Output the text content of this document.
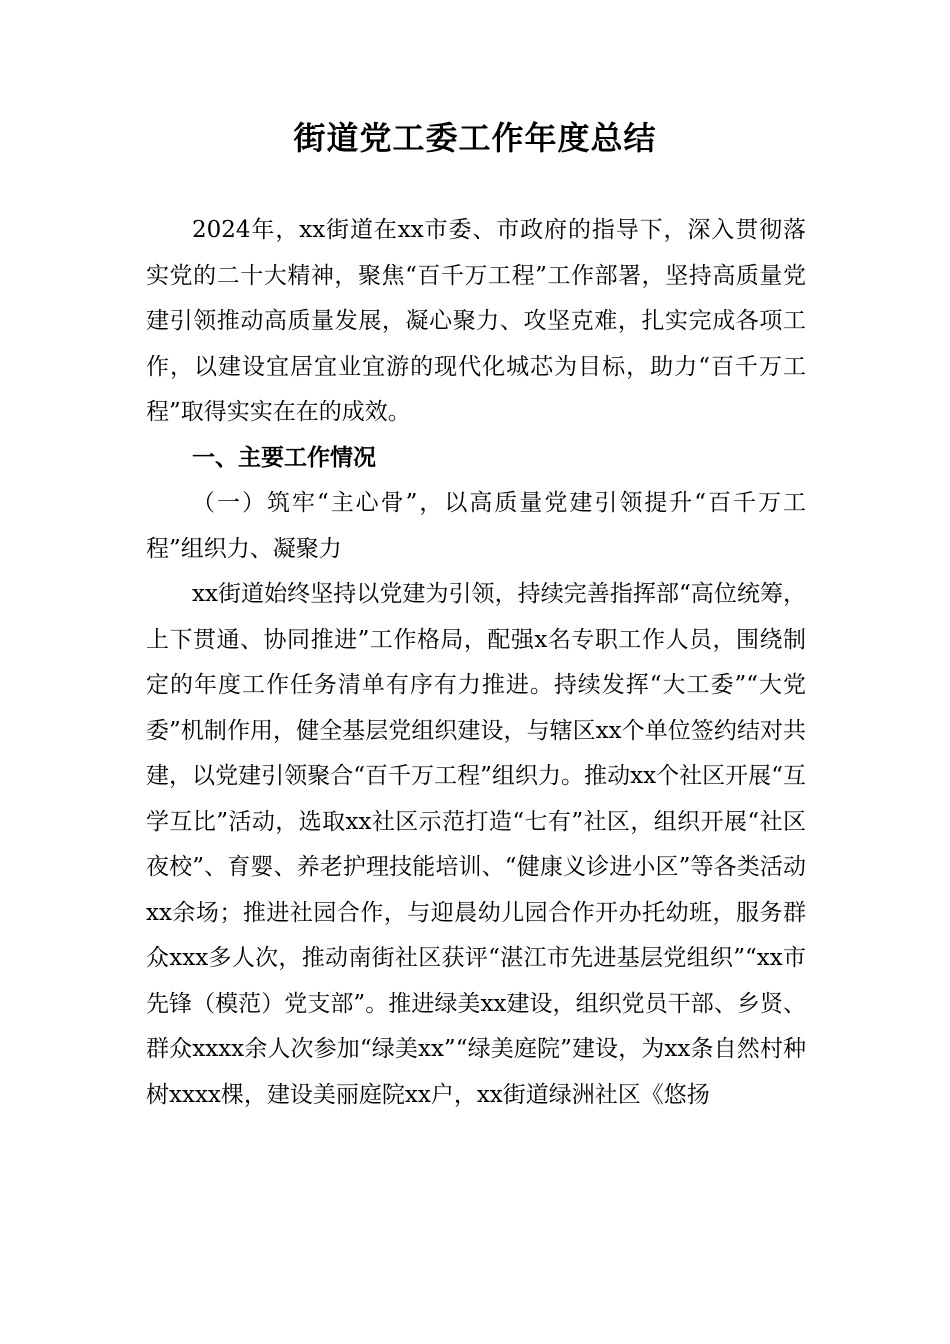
街道党工委工作年度总结

2024年，xx街道在xx市委、市政府的指导下，深入贯彻落实党的二十大精神，聚焦“百千万工程”工作部署，坚持高质量党建引领推动高质量发展，凝心聚力、攻坚克难，扎实完成各项工作，以建设宜居宜业宜游的现代化城芯为目标，助力“百千万工程”取得实实在在的成效。

一、主要工作情况

（一）筑牢“主心骨”，以高质量党建引领提升“百千万工程”组织力、凝聚力

xx街道始终坚持以党建为引领，持续完善指挥部“高位统筹，上下贯通、协同推进”工作格局，配强x名专职工作人员，围绕制定的年度工作任务清单有序有力推进。持续发挥“大工委”“大党委”机制作用，健全基层党组织建设，与辖区xx个单位签约结对共建，以党建引领聚合“百千万工程”组织力。推动xx个社区开展“互学互比”活动，选取xx社区示范打造“七有”社区，组织开展“社区夜校”、育婴、养老护理技能培训、“健康义诊进小区”等各类活动xx余场；推进社园合作，与迎晨幼儿园合作开办托幼班，服务群众xxx多人次，推动南街社区获评“湛江市先进基层党组织”“xx市先锋（模范）党支部”。推进绿美xx建设，组织党员干部、乡贤、群众xxxx余人次参加“绿美xx”“绿美庭院”建设，为xx条自然村种树xxxx棵，建设美丽庭院xx户，xx街道绿洲社区《悠扬
